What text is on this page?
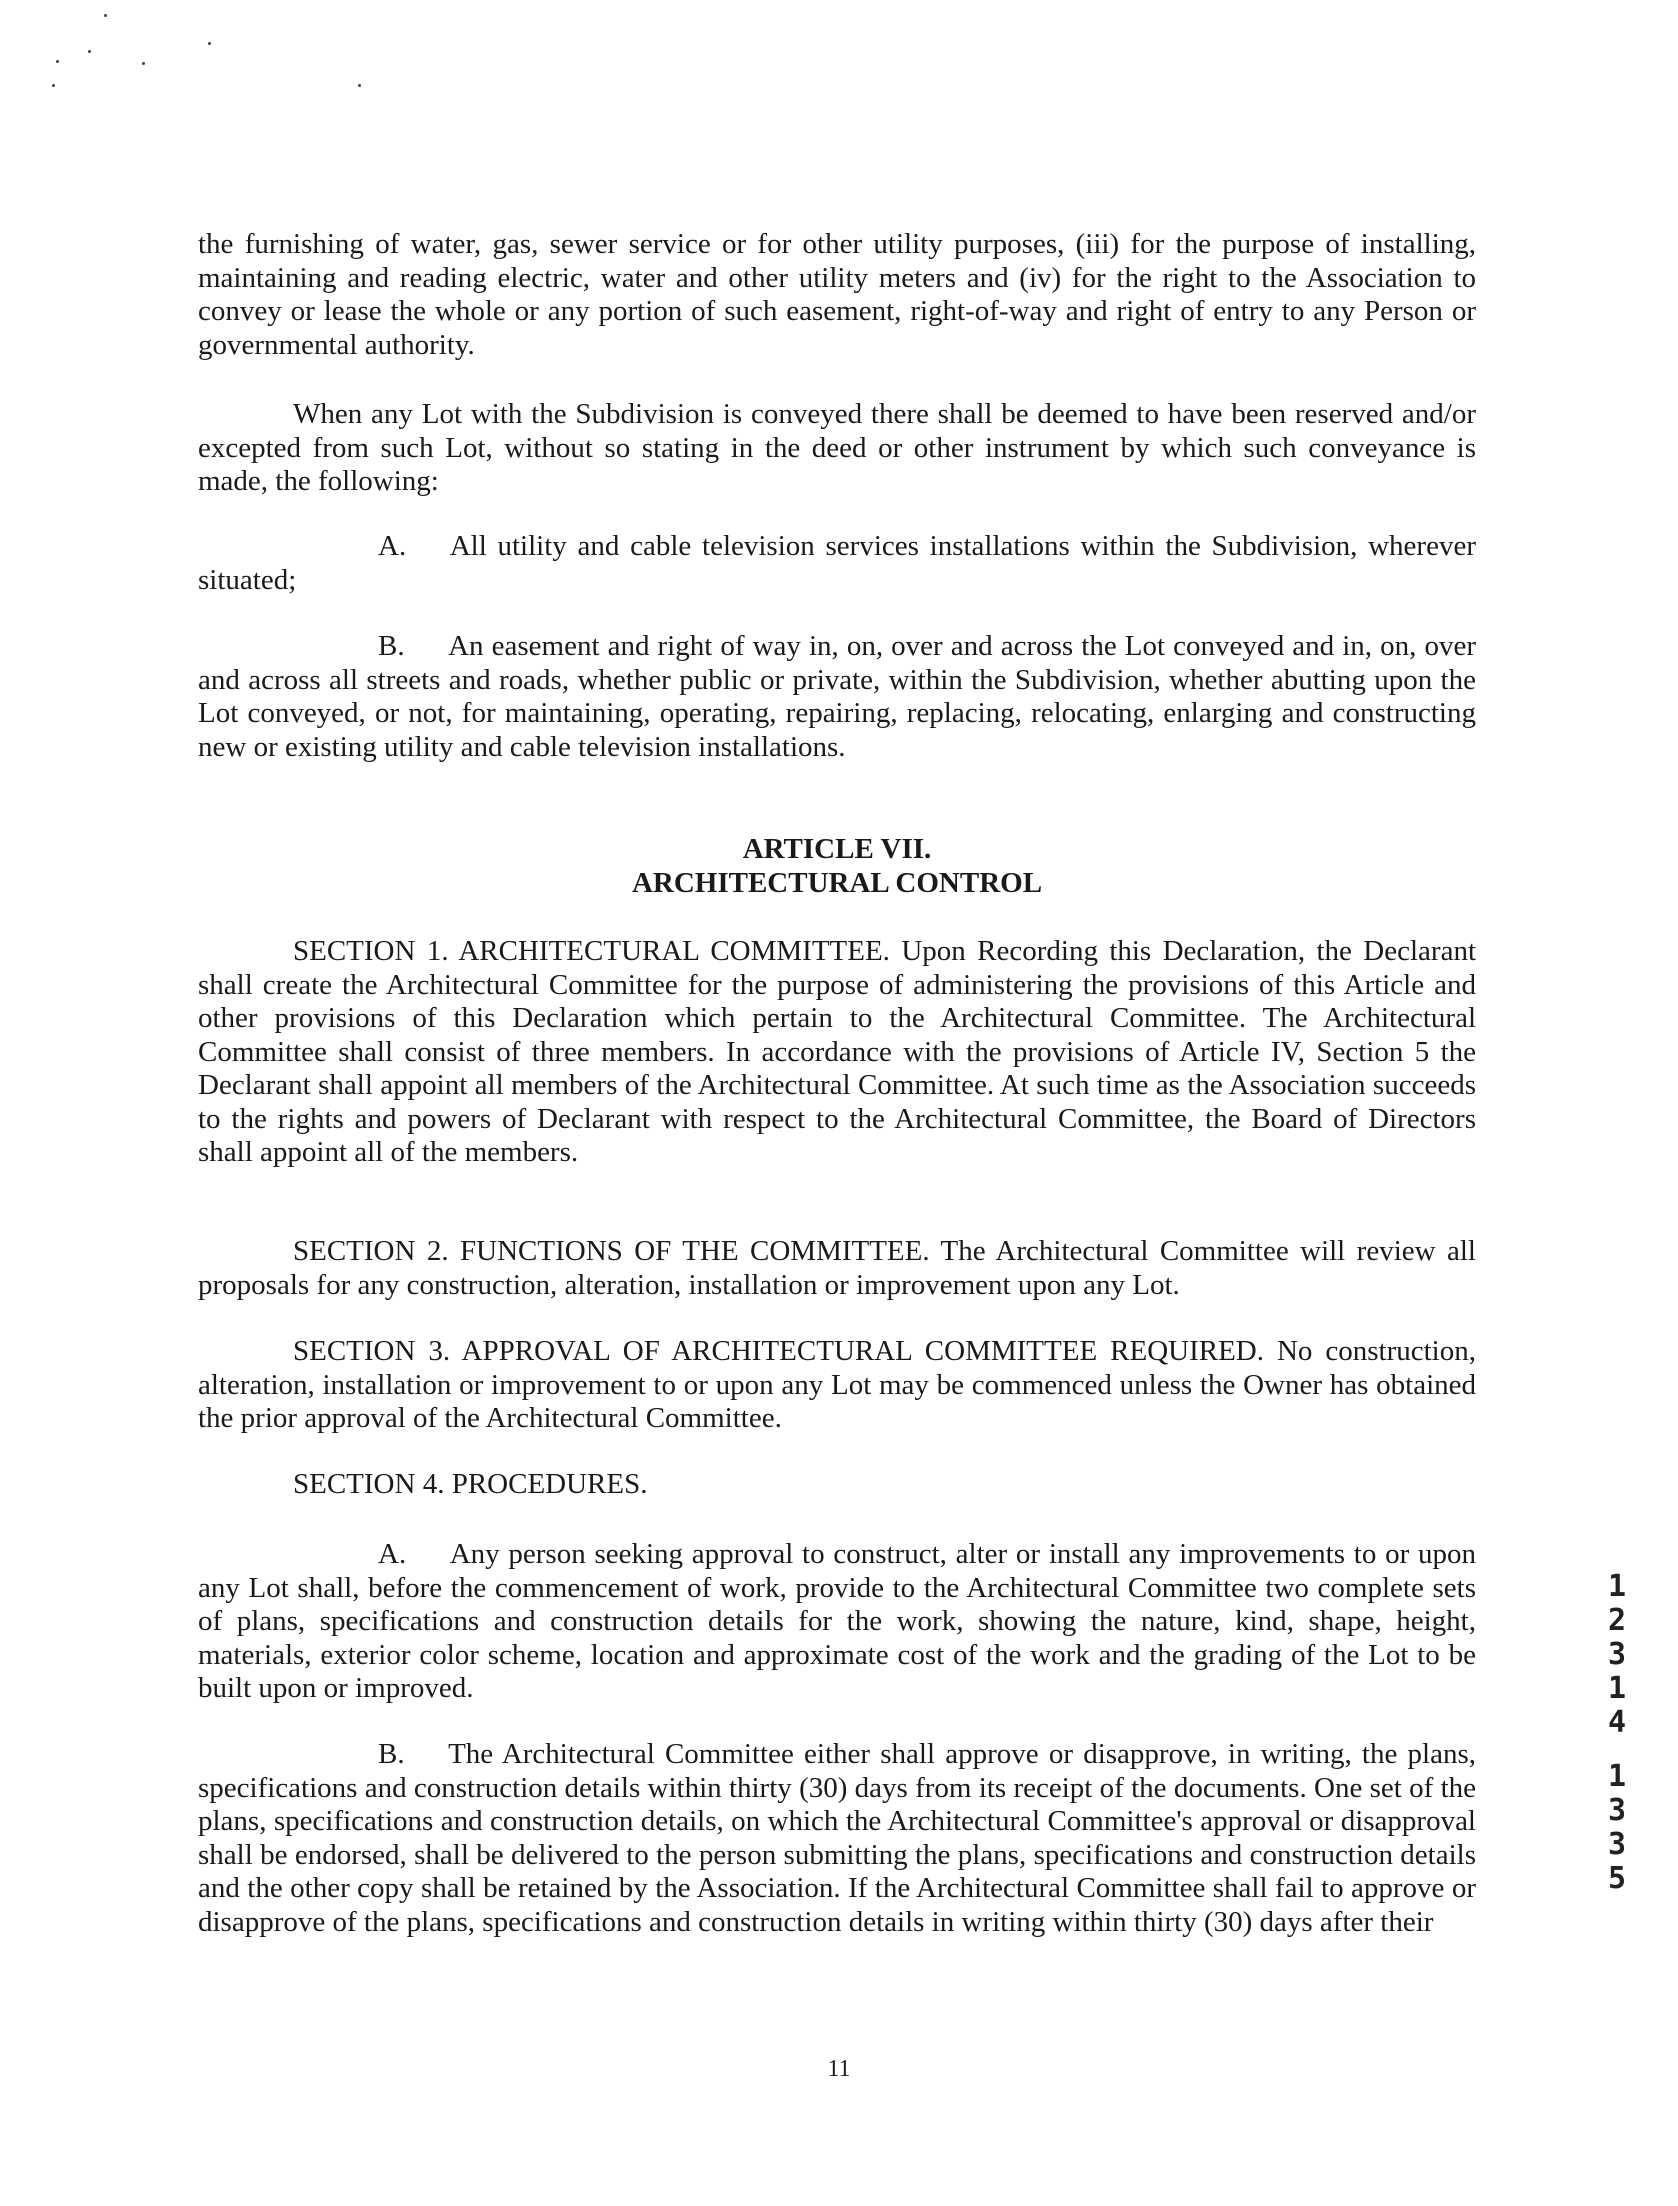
the furnishing of water, gas, sewer service or for other utility purposes, (iii) for the purpose of installing, maintaining and reading electric, water and other utility meters and (iv) for the right to the Association to convey or lease the whole or any portion of such easement, right-of-way and right of entry to any Person or governmental authority.

When any Lot with the Subdivision is conveyed there shall be deemed to have been reserved and/or excepted from such Lot, without so stating in the deed or other instrument by which such conveyance is made, the following:

A.  All utility and cable television services installations within the Subdivision, wherever situated;

B.  An easement and right of way in, on, over and across the Lot conveyed and in, on, over and across all streets and roads, whether public or private, within the Subdivision, whether abutting upon the Lot conveyed, or not, for maintaining, operating, repairing, replacing, relocating, enlarging and constructing new or existing utility and cable television installations.

ARTICLE VII.
ARCHITECTURAL CONTROL

SECTION 1. ARCHITECTURAL COMMITTEE. Upon Recording this Declaration, the Declarant shall create the Architectural Committee for the purpose of administering the provisions of this Article and other provisions of this Declaration which pertain to the Architectural Committee. The Architectural Committee shall consist of three members. In accordance with the provisions of Article IV, Section 5 the Declarant shall appoint all members of the Architectural Committee. At such time as the Association succeeds to the rights and powers of Declarant with respect to the Architectural Committee, the Board of Directors shall appoint all of the members.

SECTION 2. FUNCTIONS OF THE COMMITTEE. The Architectural Committee will review all proposals for any construction, alteration, installation or improvement upon any Lot.

SECTION 3. APPROVAL OF ARCHITECTURAL COMMITTEE REQUIRED. No construction, alteration, installation or improvement to or upon any Lot may be commenced unless the Owner has obtained the prior approval of the Architectural Committee.

SECTION 4. PROCEDURES.

A.  Any person seeking approval to construct, alter or install any improvements to or upon any Lot shall, before the commencement of work, provide to the Architectural Committee two complete sets of plans, specifications and construction details for the work, showing the nature, kind, shape, height, materials, exterior color scheme, location and approximate cost of the work and the grading of the Lot to be built upon or improved.

B.  The Architectural Committee either shall approve or disapprove, in writing, the plans, specifications and construction details within thirty (30) days from its receipt of the documents. One set of the plans, specifications and construction details, on which the Architectural Committee's approval or disapproval shall be endorsed, shall be delivered to the person submitting the plans, specifications and construction details and the other copy shall be retained by the Association. If the Architectural Committee shall fail to approve or disapprove of the plans, specifications and construction details in writing within thirty (30) days after their

1
2
3
1
4
1
3
3
5
11
